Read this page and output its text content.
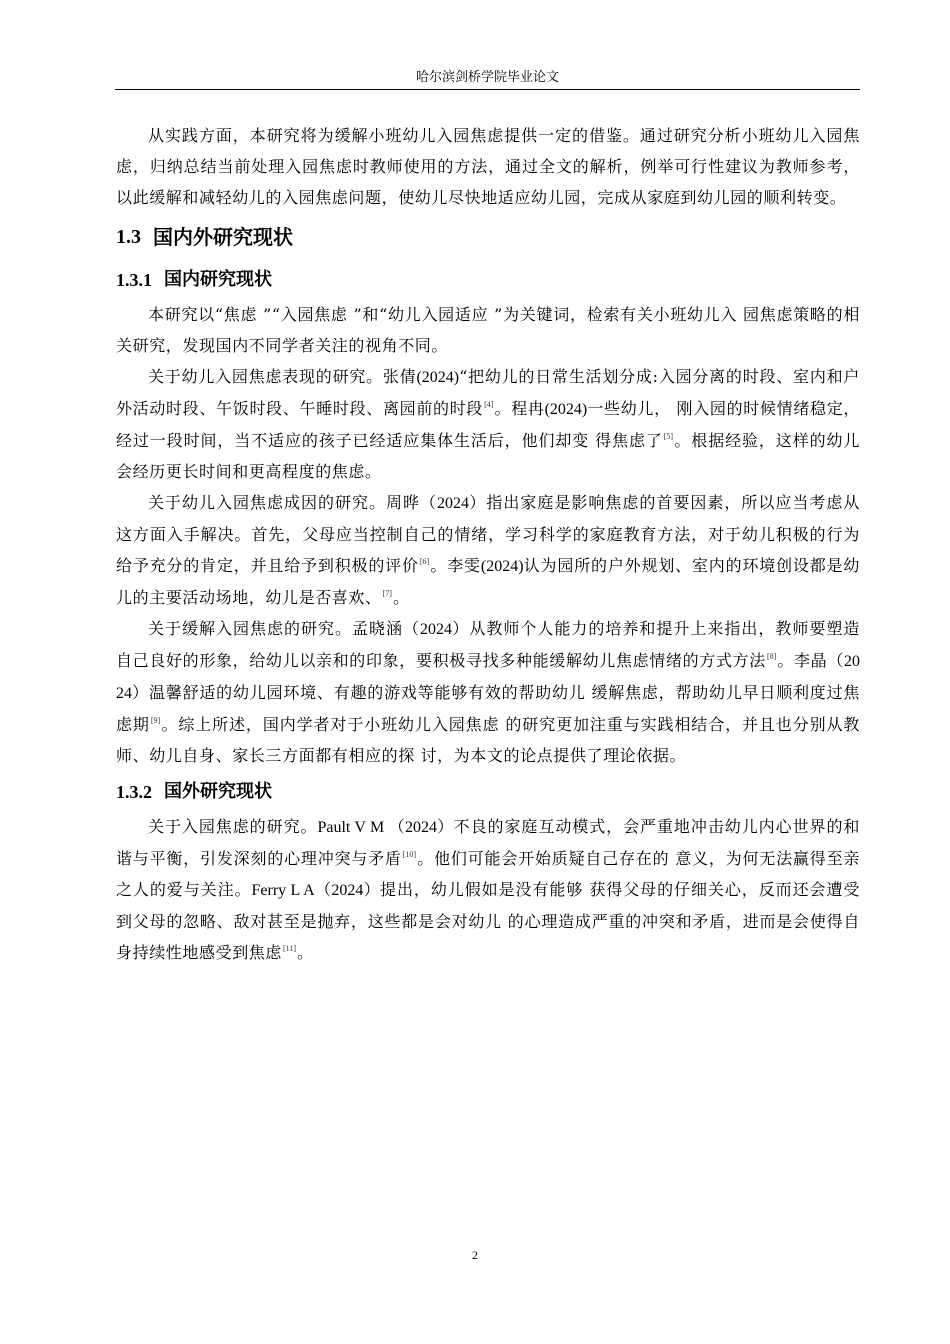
哈尔滨剑桥学院毕业论文

从实践方面，本研究将为缓解小班幼儿入园焦虑提供一定的借鉴。通过研究分析小班幼儿入园焦虑，归纳总结当前处理入园焦虑时教师使用的方法，通过全文的解析，例举可行性建议为教师参考，以此缓解和减轻幼儿的入园焦虑问题，使幼儿尽快地适应幼儿园，完成从家庭到幼儿园的顺利转变。

1.3 国内外研究现状
1.3.1 国内研究现状

本研究以“焦虑 ”“入园焦虑 ”和“幼儿入园适应 ”为关键词，检索有关小班幼儿入 园焦虑策略的相关研究，发现国内不同学者关注的视角不同。

关于幼儿入园焦虑表现的研究。张倩(2024)“把幼儿的日常生活划分成:入园分离的时段、室内和户外活动时段、午饭时段、午睡时段、离园前的时段[4]。程冉(2024)一些幼儿， 刚入园的时候情绪稳定，经过一段时间，当不适应的孩子已经适应集体生活后，他们却变 得焦虑了[5]。根据经验，这样的幼儿会经历更长时间和更高程度的焦虑。

关于幼儿入园焦虑成因的研究。周晔（2024）指出家庭是影响焦虑的首要因素，所以应当考虑从这方面入手解决。首先，父母应当控制自己的情绪，学习科学的家庭教育方法，对于幼儿积极的行为给予充分的肯定，并且给予到积极的评价[6]。李雯(2024)认为园所的户外规划、室内的环境创设都是幼儿的主要活动场地，幼儿是否喜欢、[7]。

关于缓解入园焦虑的研究。孟晓涵（2024）从教师个人能力的培养和提升上来指出，教师要塑造自己良好的形象，给幼儿以亲和的印象，要积极寻找多种能缓解幼儿焦虑情绪的方式方法[8]。李晶（2024）温馨舒适的幼儿园环境、有趣的游戏等能够有效的帮助幼儿 缓解焦虑，帮助幼儿早日顺利度过焦虑期[9]。综上所述，国内学者对于小班幼儿入园焦虑 的研究更加注重与实践相结合，并且也分别从教师、幼儿自身、家长三方面都有相应的探 讨，为本文的论点提供了理论依据。

1.3.2 国外研究现状

关于入园焦虑的研究。Pault V M （2024）不良的家庭互动模式，会严重地冲击幼儿内心世界的和谐与平衡，引发深刻的心理冲突与矛盾[10]。他们可能会开始质疑自己存在的 意义，为何无法赢得至亲之人的爱与关注。Ferry L A（2024）提出，幼儿假如是没有能够 获得父母的仔细关心，反而还会遭受到父母的忽略、敌对甚至是抛弃，这些都是会对幼儿 的心理造成严重的冲突和矛盾，进而是会使得自身持续性地感受到焦虑[11]。

2
